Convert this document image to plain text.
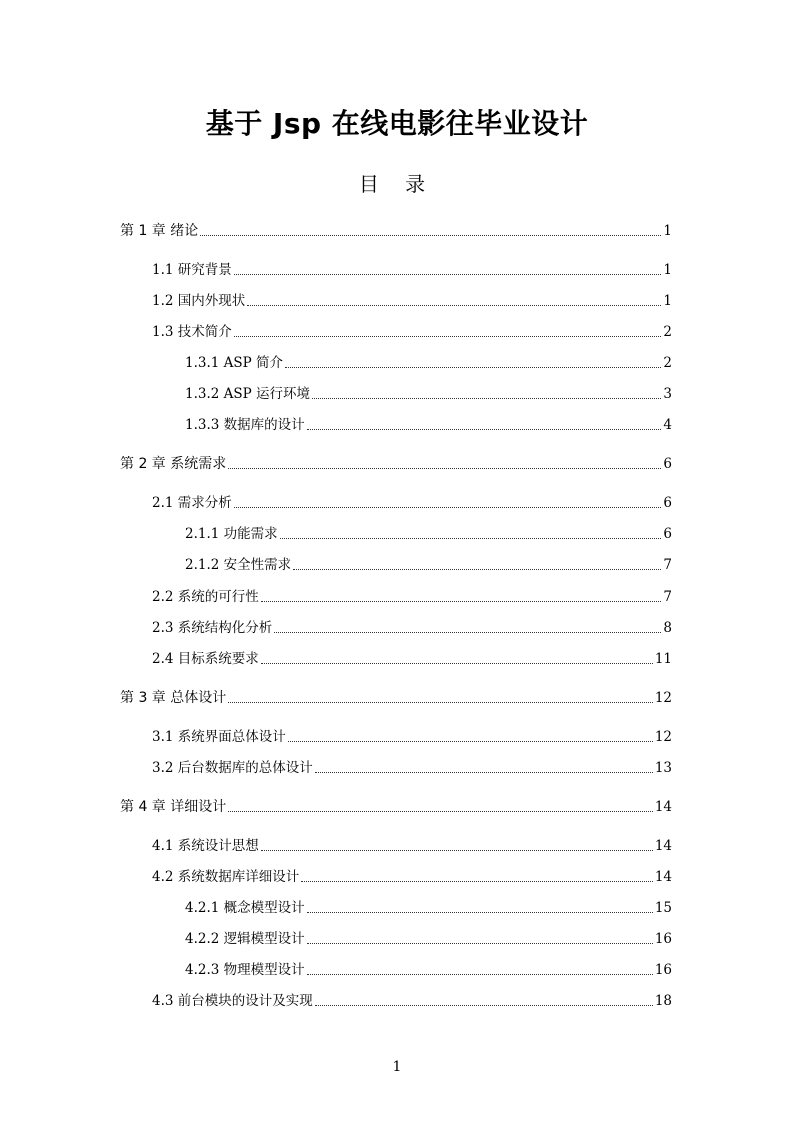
基于 Jsp 在线电影往毕业设计
目 录
第 1 章 绪论	1
1.1 研究背景	1
1.2 国内外现状	1
1.3 技术简介	2
1.3.1 ASP 简介	2
1.3.2 ASP 运行环境	3
1.3.3 数据库的设计	4
第 2 章 系统需求	6
2.1 需求分析	6
2.1.1 功能需求	6
2.1.2 安全性需求	7
2.2 系统的可行性	7
2.3 系统结构化分析	8
2.4 目标系统要求	11
第 3 章 总体设计	12
3.1 系统界面总体设计	12
3.2 后台数据库的总体设计	13
第 4 章 详细设计	14
4.1 系统设计思想	14
4.2 系统数据库详细设计	14
4.2.1 概念模型设计	15
4.2.2 逻辑模型设计	16
4.2.3 物理模型设计	16
4.3 前台模块的设计及实现	18
1
